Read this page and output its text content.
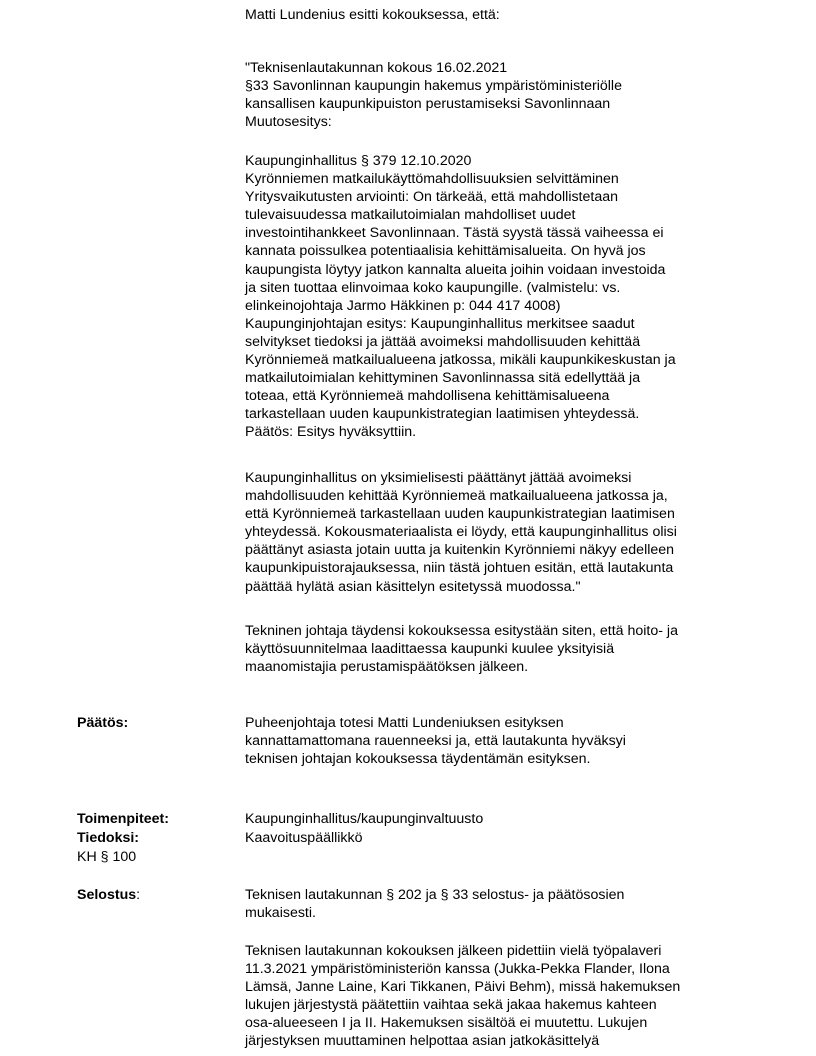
Matti Lundenius esitti kokouksessa, että:
"Teknisenlautakunnan kokous 16.02.2021
§33 Savonlinnan kaupungin hakemus ympäristöministeriölle
kansallisen kaupunkipuiston perustamiseksi Savonlinnaan
Muutosesitys:
Kaupunginhallitus § 379 12.10.2020
Kyrönniemen matkailukäyttömahdollisuuksien selvittäminen
Yritysvaikutusten arviointi: On tärkeää, että mahdollistetaan
tulevaisuudessa matkailutoimialan mahdolliset uudet
investointihankkeet Savonlinnaan. Tästä syystä tässä vaiheessa ei
kannata poissulkea potentiaalisia kehittämisalueita. On hyvä jos
kaupungista löytyy jatkon kannalta alueita joihin voidaan investoida
ja siten tuottaa elinvoimaa koko kaupungille. (valmistelu: vs.
elinkeinojohtaja Jarmo Häkkinen p: 044 417 4008)
Kaupunginjohtajan esitys: Kaupunginhallitus merkitsee saadut
selvitykset tiedoksi ja jättää avoimeksi mahdollisuuden kehittää
Kyrönniemeä matkailualueena jatkossa, mikäli kaupunkikeskustan ja
matkailutoimialan kehittyminen Savonlinnassa sitä edellyttää ja
toteaa, että Kyrönniemeä mahdollisena kehittämisalueena
tarkastellaan uuden kaupunkistrategian laatimisen yhteydessä.
Päätös: Esitys hyväksyttiin.
Kaupunginhallitus on yksimielisesti päättänyt jättää avoimeksi
mahdollisuuden kehittää Kyrönniemeä matkailualueena jatkossa ja,
että Kyrönniemeä tarkastellaan uuden kaupunkistrategian laatimisen
yhteydessä. Kokousmateriaalista ei löydy, että kaupunginhallitus olisi
päättänyt asiasta jotain uutta ja kuitenkin Kyrönniemi näkyy edelleen
kaupunkipuistorajauksessa, niin tästä johtuen esitän, että lautakunta
päättää hylätä asian käsittelyn esitetyssä muodossa."
Tekninen johtaja täydensi kokouksessa esitystään siten, että hoito- ja
käyttösuunnitelmaa laadittaessa kaupunki kuulee yksityisiä
maanomistajia perustamispäätöksen jälkeen.
Päätös:	Puheenjohtaja totesi Matti Lundeniuksen esityksen
kannattamattomana rauenneeksi ja, että lautakunta hyväksyi
teknisen johtajan kokouksessa täydentämän esityksen.
Toimenpiteet:	Kaupunginhallitus/kaupunginvaltuusto
Tiedoksi:	Kaavoituspäällikkö
KH § 100
Selostus:	Teknisen lautakunnan § 202 ja § 33 selostus- ja päätösosien
mukaisesti.
Teknisen lautakunnan kokouksen jälkeen pidettiin vielä työpalaveri
11.3.2021 ympäristöministeriön kanssa (Jukka-Pekka Flander, Ilona
Lämsä, Janne Laine, Kari Tikkanen, Päivi Behm), missä hakemuksen
lukujen järjestystä päätettiin vaihtaa sekä jakaa hakemus kahteen
osa-alueeseen I ja II. Hakemuksen sisältöä ei muutettu. Lukujen
järjestyksen muuttaminen helpottaa asian jatkokäsittelyä
